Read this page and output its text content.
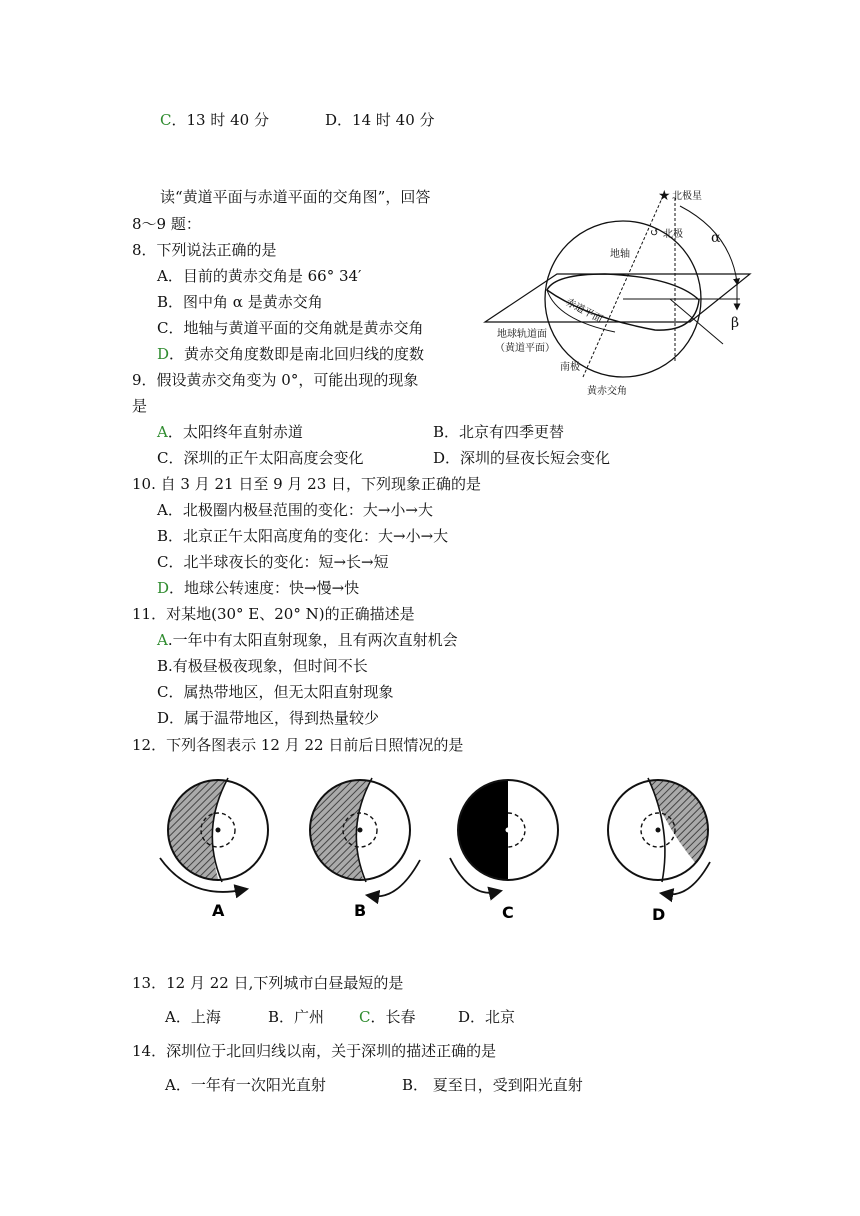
C．13 时 40 分	D．14 时 40 分
读“黄道平面与赤道平面的交角图”，回答
8～9 题：
8．下列说法正确的是
A．目前的黄赤交角是 66° 34′
B．图中角 α 是黄赤交角
C．地轴与黄道平面的交角就是黄赤交角
D．黄赤交角度数即是南北回归线的度数
9．假设黄赤交角变为 0°，可能出现的现象
是
A．太阳终年直射赤道	B．北京有四季更替
C．深圳的正午太阳高度会变化	D．深圳的昼夜长短会变化
10. 自 3 月 21 日至 9 月 23 日，下列现象正确的是
A．北极圈内极昼范围的变化：大→小→大
B．北京正午太阳高度角的变化：大→小→大
C．北半球夜长的变化：短→长→短
D．地球公转速度：快→慢→快
11．对某地(30° E、20° N)的正确描述是
A.一年中有太阳直射现象，且有两次直射机会
B.有极昼极夜现象，但时间不长
C．属热带地区，但无太阳直射现象
D．属于温带地区，得到热量较少
12．下列各图表示 12 月 22 日前后日照情况的是
A	B	C	D
13．12 月 22 日,下列城市白昼最短的是
A．上海	B．广州 C．长春	D．北京
14．深圳位于北回归线以南，关于深圳的描述正确的是
A．一年有一次阳光直射	B． 夏至日，受到阳光直射
★ 北极星
↺ 北极
地轴
赤道平面
地球轨道面
（黄道平面）
α
β
南极
黄赤交角
